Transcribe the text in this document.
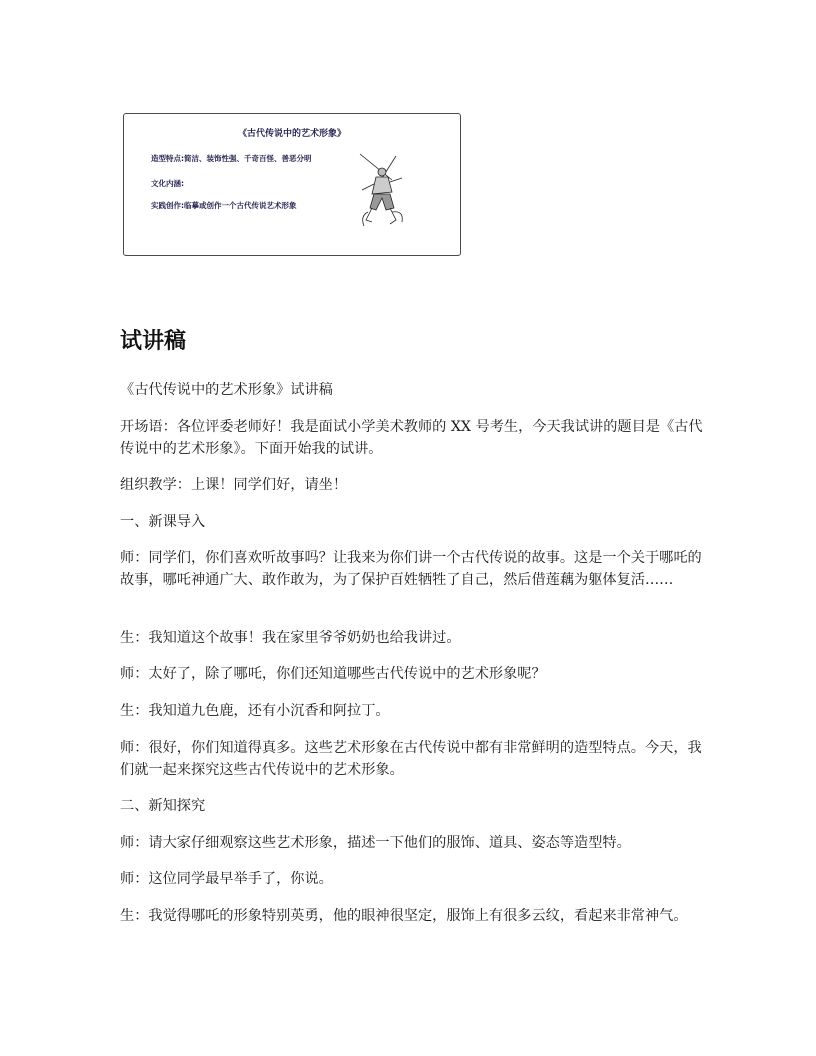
《古代传说中的艺术形象》
造型特点:简洁、装饰性强、千奇百怪、善恶分明
文化内涵:
实践创作:临摹或创作一个古代传说艺术形象
试讲稿

《古代传说中的艺术形象》试讲稿

开场语：各位评委老师好！我是面试小学美术教师的 XX 号考生，今天我试讲的题目是《古代传说中的艺术形象》。下面开始我的试讲。

组织教学：上课！同学们好，请坐！

一、新课导入

师：同学们，你们喜欢听故事吗？让我来为你们讲一个古代传说的故事。这是一个关于哪吒的故事，哪吒神通广大、敢作敢为，为了保护百姓牺牲了自己，然后借莲藕为躯体复活……

生：我知道这个故事！我在家里爷爷奶奶也给我讲过。

师：太好了，除了哪吒，你们还知道哪些古代传说中的艺术形象呢？

生：我知道九色鹿，还有小沉香和阿拉丁。

师：很好，你们知道得真多。这些艺术形象在古代传说中都有非常鲜明的造型特点。今天，我们就一起来探究这些古代传说中的艺术形象。

二、新知探究

师：请大家仔细观察这些艺术形象，描述一下他们的服饰、道具、姿态等造型特。

师：这位同学最早举手了，你说。

生：我觉得哪吒的形象特别英勇，他的眼神很坚定，服饰上有很多云纹，看起来非常神气。
